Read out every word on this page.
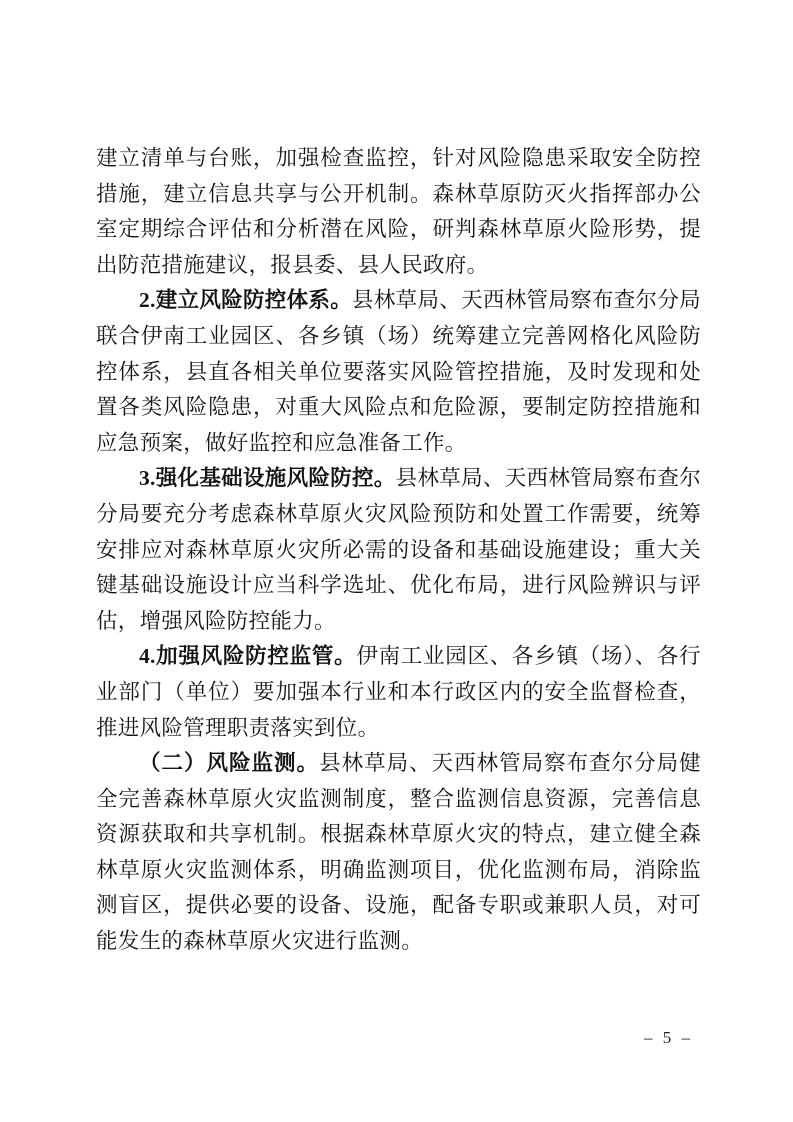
建立清单与台账，加强检查监控，针对风险隐患采取安全防控措施，建立信息共享与公开机制。森林草原防灭火指挥部办公室定期综合评估和分析潜在风险，研判森林草原火险形势，提出防范措施建议，报县委、县人民政府。

2.建立风险防控体系。县林草局、天西林管局察布查尔分局联合伊南工业园区、各乡镇（场）统筹建立完善网格化风险防控体系，县直各相关单位要落实风险管控措施，及时发现和处置各类风险隐患，对重大风险点和危险源，要制定防控措施和应急预案，做好监控和应急准备工作。

3.强化基础设施风险防控。县林草局、天西林管局察布查尔分局要充分考虑森林草原火灾风险预防和处置工作需要，统筹安排应对森林草原火灾所必需的设备和基础设施建设；重大关键基础设施设计应当科学选址、优化布局，进行风险辨识与评估，增强风险防控能力。

4.加强风险防控监管。伊南工业园区、各乡镇（场）、各行业部门（单位）要加强本行业和本行政区内的安全监督检查，推进风险管理职责落实到位。

（二）风险监测。县林草局、天西林管局察布查尔分局健全完善森林草原火灾监测制度，整合监测信息资源，完善信息资源获取和共享机制。根据森林草原火灾的特点，建立健全森林草原火灾监测体系，明确监测项目，优化监测布局，消除监测盲区，提供必要的设备、设施，配备专职或兼职人员，对可能发生的森林草原火灾进行监测。

– 5 –
